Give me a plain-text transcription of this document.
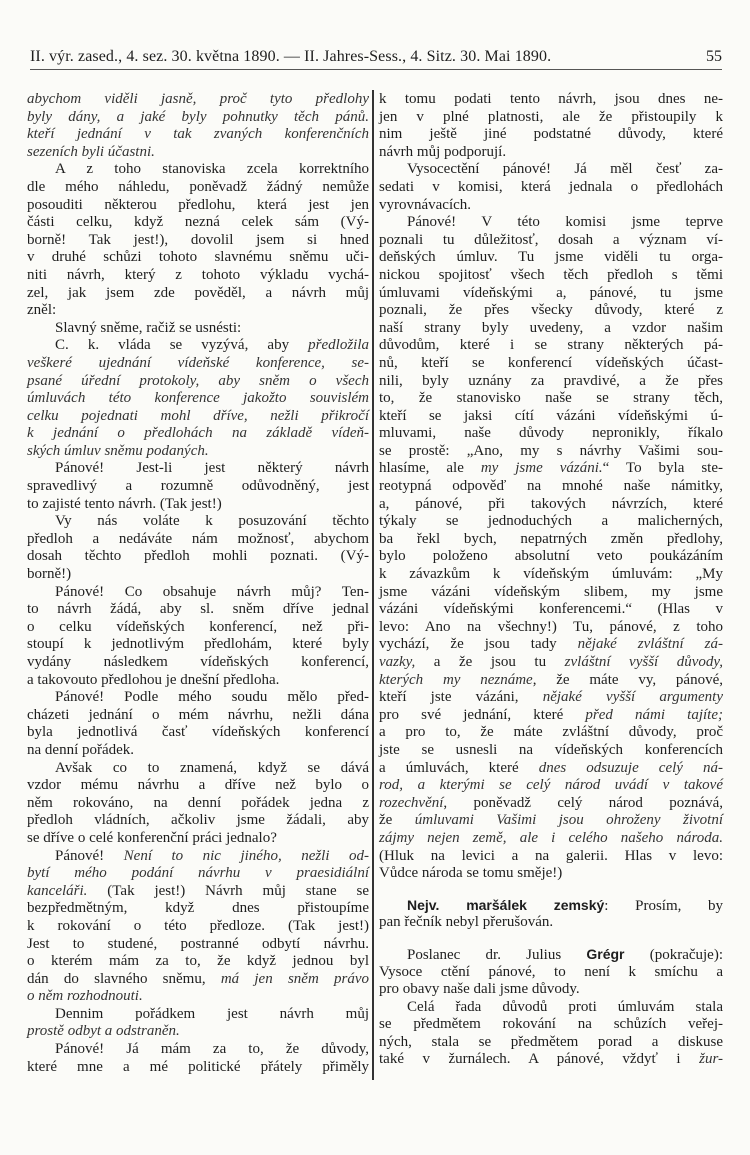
II. výr. zased., 4. sez. 30. května 1890. — II. Jahres-Sess., 4. Sitz. 30. Mai 1890.	55
abychom viděli jasně, proč tyto předlohy
byly dány, a jaké byly pohnutky těch pánů.
kteří jednání v tak zvaných konferenčních
sezeních byli účastni.
A z toho stanoviska zcela korrektního
dle mého náhledu, poněvadž žádný nemůže
posouditi některou předlohu, která jest jen
části celku, když nezná celek sám (Vý-
borně! Tak jest!), dovolil jsem si hned
v druhé schůzi tohoto slavnému sněmu uči-
niti návrh, který z tohoto výkladu vychá-
zel, jak jsem zde pověděl, a návrh můj
zněl:
Slavný sněme, račiž se usnésti:
C. k. vláda se vyzývá, aby předložila
veškeré ujednání vídeňské konference, se-
psané úřední protokoly, aby sněm o všech
úmluvách této konference jakožto souvislém
celku pojednati mohl dříve, nežli přikročí
k jednání o předlohách na základě vídeň-
ských úmluv sněmu podaných.
Pánové! Jest-li jest některý návrh
spravedlivý a rozumně odůvodněný, jest
to zajisté tento návrh. (Tak jest!)
Vy nás voláte k posuzování těchto
předloh a nedáváte nám možnosť, abychom
dosah těchto předloh mohli poznati. (Vý-
borně!)
Pánové! Co obsahuje návrh můj? Ten-
to návrh žádá, aby sl. sněm dříve jednal
o celku vídeňských konferencí, než při-
stoupí k jednotlivým předlohám, které byly
vydány následkem vídeňských konferencí,
a takovouto předlohou je dnešní předloha.
Pánové! Podle mého soudu mělo před-
cházeti jednání o mém návrhu, nežli dána
byla jednotlivá časť vídeňských konferencí
na denní pořádek.
Avšak co to znamená, když se dává
vzdor mému návrhu a dříve než bylo o
něm rokováno, na denní pořádek jedna z
předloh vládních, ačkoliv jsme žádali, aby
se dříve o celé konferenční práci jednalo?
Pánové! Není to nic jiného, nežli od-
bytí mého podání návrhu v praesidiální
kanceláři. (Tak jest!) Návrh můj stane se
bezpředmětným, když dnes přistoupíme
k rokování o této předloze. (Tak jest!)
Jest to studené, postranné odbytí návrhu.
o kterém mám za to, že když jednou byl
dán do slavného sněmu, má jen sněm právo
o něm rozhodnouti.
Dennim pořádkem jest návrh můj
prostě odbyt a odstraněn.
Pánové! Já mám za to, že důvody,
které mne a mé politické přátely přiměly
k tomu podati tento návrh, jsou dnes ne-
jen v plné platnosti, ale že přistoupily k
nim ještě jiné podstatné důvody, které
návrh můj podporují.
Vysocectění pánové! Já měl česť za-
sedati v komisi, která jednala o předlohách
vyrovnávacích.
Pánové! V této komisi jsme teprve
poznali tu důležitosť, dosah a význam ví-
deňských úmluv. Tu jsme viděli tu orga-
nickou spojitosť všech těch předloh s těmi
úmluvami vídeňskými a, pánové, tu jsme
poznali, že přes všecky důvody, které z
naší strany byly uvedeny, a vzdor našim
důvodům, které i se strany některých pá-
nů, kteří se konferencí vídeňských účast-
nili, byly uznány za pravdivé, a že přes
to, že stanovisko naše se strany těch,
kteří se jaksi cítí vázáni vídeňskými ú-
mluvami, naše důvody nepronikly, říkalo
se prostě: „Ano, my s návrhy Vašimi sou-
hlasíme, ale my jsme vázáni.“ To byla ste-
reotypná odpověď na mnohé naše námitky,
a, pánové, při takových návrzích, které
týkaly se jednoduchých a malicherných,
ba řekl bych, nepatrných změn předlohy,
bylo položeno absolutní veto poukázáním
k závazkům k vídeňským úmluvám: „My
jsme vázáni vídeňským slibem, my jsme
vázáni vídeňskými konferencemi.“ (Hlas v
levo: Ano na všechny!) Tu, pánové, z toho
vychází, že jsou tady nějaké zvláštní zá-
vazky, a že jsou tu zvláštní vyšší důvody,
kterých my neznáme, že máte vy, pánové,
kteří jste vázáni, nějaké vyšší argumenty
pro své jednání, které před námi tajíte;
a pro to, že máte zvláštní důvody, proč
jste se usnesli na vídeňských konferencích
a úmluvách, které dnes odsuzuje celý ná-
rod, a kterými se celý národ uvádí v takové
rozechvění, poněvadž celý národ poznává,
že úmluvami Vašimi jsou ohroženy životní
zájmy nejen země, ale i celého našeho národa.
(Hluk na levici a na galerii. Hlas v levo:
Vůdce národa se tomu směje!)
Nejv. maršálek zemský: Prosím, by
pan řečník nebyl přerušován.
Poslanec dr. Julius Grégr (pokračuje):
Vysoce ctění pánové, to není k smíchu a
pro obavy naše dali jsme důvody.
Celá řada důvodů proti úmluvám stala
se předmětem rokování na schůzích veřej-
ných, stala se předmětem porad a diskuse
také v žurnálech. A pánové, vždyť i žur-
